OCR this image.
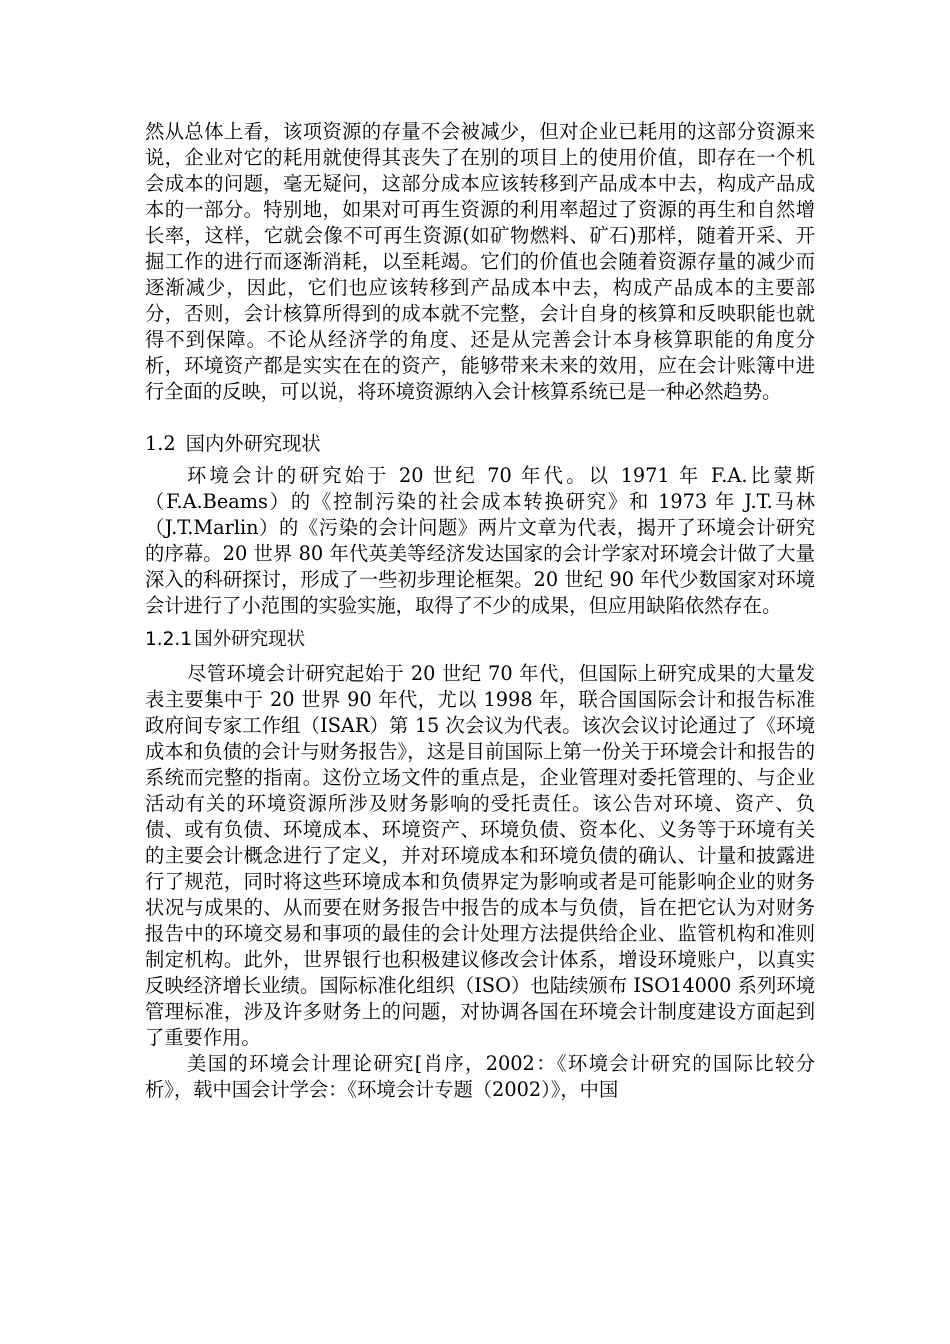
然从总体上看，该项资源的存量不会被减少，但对企业已耗用的这部分资源来说，企业对它的耗用就使得其丧失了在别的项目上的使用价值，即存在一个机会成本的问题，毫无疑问，这部分成本应该转移到产品成本中去，构成产品成本的一部分。特别地，如果对可再生资源的利用率超过了资源的再生和自然增长率，这样，它就会像不可再生资源(如矿物燃料、矿石)那样，随着开采、开掘工作的进行而逐渐消耗，以至耗竭。它们的价值也会随着资源存量的减少而逐渐减少，因此，它们也应该转移到产品成本中去，构成产品成本的主要部分，否则，会计核算所得到的成本就不完整，会计自身的核算和反映职能也就得不到保障。不论从经济学的角度、还是从完善会计本身核算职能的角度分析，环境资产都是实实在在的资产，能够带来未来的效用，应在会计账簿中进行全面的反映，可以说，将环境资源纳入会计核算系统已是一种必然趋势。

1.2 国内外研究现状

环境会计的研究始于 20 世纪 70 年代。以 1971 年 F.A.比蒙斯（F.A.Beams）的《控制污染的社会成本转换研究》和 1973 年 J.T.马林（J.T.Marlin）的《污染的会计问题》两片文章为代表，揭开了环境会计研究的序幕。20 世界 80 年代英美等经济发达国家的会计学家对环境会计做了大量深入的科研探讨，形成了一些初步理论框架。20 世纪 90 年代少数国家对环境会计进行了小范围的实验实施，取得了不少的成果，但应用缺陷依然存在。

1.2.1 国外研究现状

尽管环境会计研究起始于 20 世纪 70 年代，但国际上研究成果的大量发表主要集中于 20 世界 90 年代，尤以 1998 年，联合国国际会计和报告标准政府间专家工作组（ISAR）第 15 次会议为代表。该次会议讨论通过了《环境成本和负债的会计与财务报告》，这是目前国际上第一份关于环境会计和报告的系统而完整的指南。这份立场文件的重点是，企业管理对委托管理的、与企业活动有关的环境资源所涉及财务影响的受托责任。该公告对环境、资产、负债、或有负债、环境成本、环境资产、环境负债、资本化、义务等于环境有关的主要会计概念进行了定义，并对环境成本和环境负债的确认、计量和披露进行了规范，同时将这些环境成本和负债界定为影响或者是可能影响企业的财务状况与成果的、从而要在财务报告中报告的成本与负债，旨在把它认为对财务报告中的环境交易和事项的最佳的会计处理方法提供给企业、监管机构和准则制定机构。此外，世界银行也积极建议修改会计体系，增设环境账户，以真实反映经济增长业绩。国际标准化组织（ISO）也陆续颁布 ISO14000 系列环境管理标准，涉及许多财务上的问题，对协调各国在环境会计制度建设方面起到了重要作用。

美国的环境会计理论研究[肖序，2002：《环境会计研究的国际比较分析》，载中国会计学会：《环境会计专题（2002）》，中国
